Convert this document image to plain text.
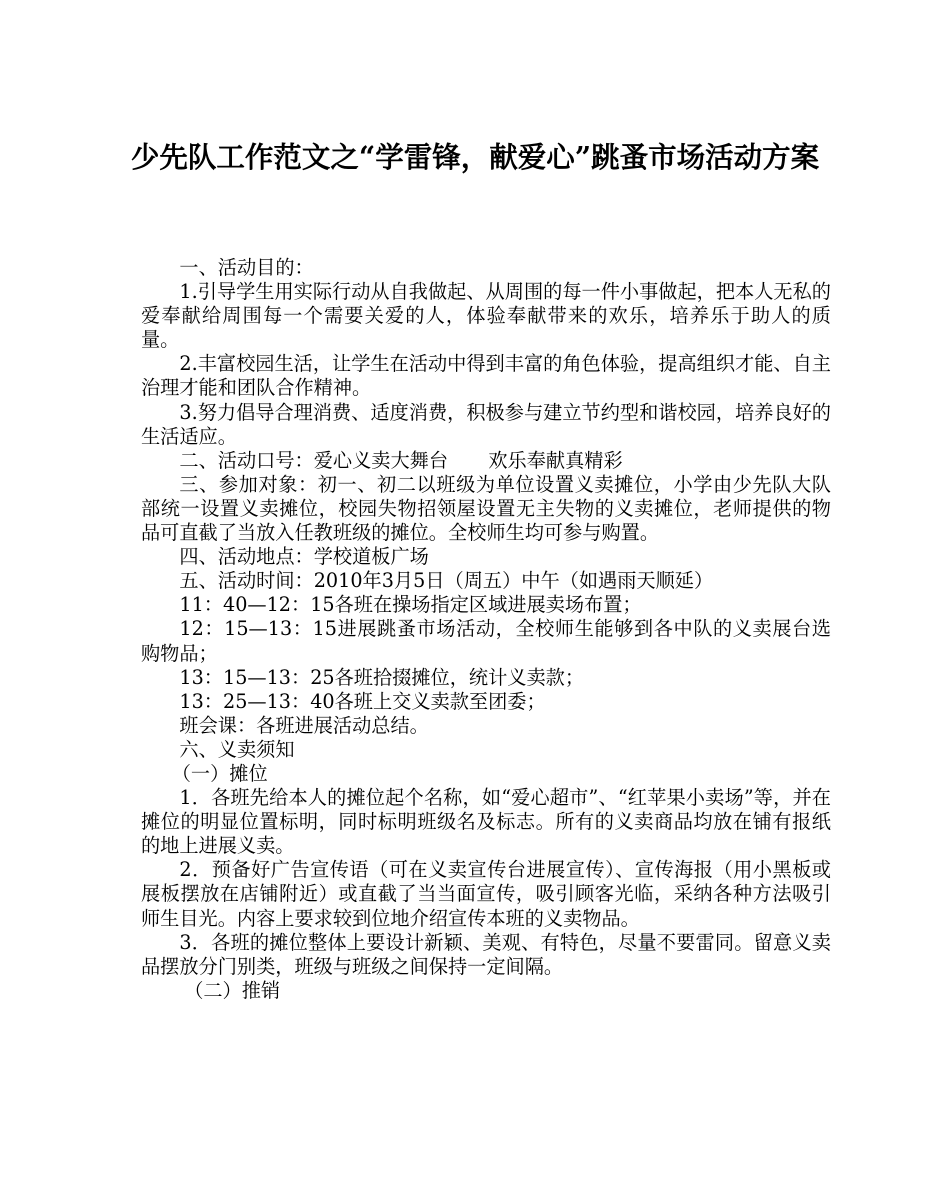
少先队工作范文之“学雷锋，献爱心”跳蚤市场活动方案

一、活动目的：

1.引导学生用实际行动从自我做起、从周围的每一件小事做起，把本人无私的爱奉献给周围每一个需要关爱的人，体验奉献带来的欢乐，培养乐于助人的质量。

2.丰富校园生活，让学生在活动中得到丰富的角色体验，提高组织才能、自主治理才能和团队合作精神。

3.努力倡导合理消费、适度消费，积极参与建立节约型和谐校园，培养良好的生活适应。

二、活动口号：爱心义卖大舞台 欢乐奉献真精彩

三、参加对象：初一、初二以班级为单位设置义卖摊位，小学由少先队大队部统一设置义卖摊位，校园失物招领屋设置无主失物的义卖摊位，老师提供的物品可直截了当放入任教班级的摊位。全校师生均可参与购置。

四、活动地点：学校道板广场

五、活动时间：2010年3月5日（周五）中午（如遇雨天顺延）

11：40—12：15各班在操场指定区域进展卖场布置；

12：15—13：15进展跳蚤市场活动，全校师生能够到各中队的义卖展台选购物品；

13：15—13：25各班拾掇摊位，统计义卖款；

13：25—13：40各班上交义卖款至团委；

班会课：各班进展活动总结。

六、义卖须知

（一）摊位

1．各班先给本人的摊位起个名称，如“爱心超市”、“红苹果小卖场”等，并在摊位的明显位置标明，同时标明班级名及标志。所有的义卖商品均放在铺有报纸的地上进展义卖。

2．预备好广告宣传语（可在义卖宣传台进展宣传）、宣传海报（用小黑板或展板摆放在店铺附近）或直截了当当面宣传，吸引顾客光临，采纳各种方法吸引师生目光。内容上要求较到位地介绍宣传本班的义卖物品。

3．各班的摊位整体上要设计新颖、美观、有特色，尽量不要雷同。留意义卖品摆放分门别类，班级与班级之间保持一定间隔。

（二）推销
